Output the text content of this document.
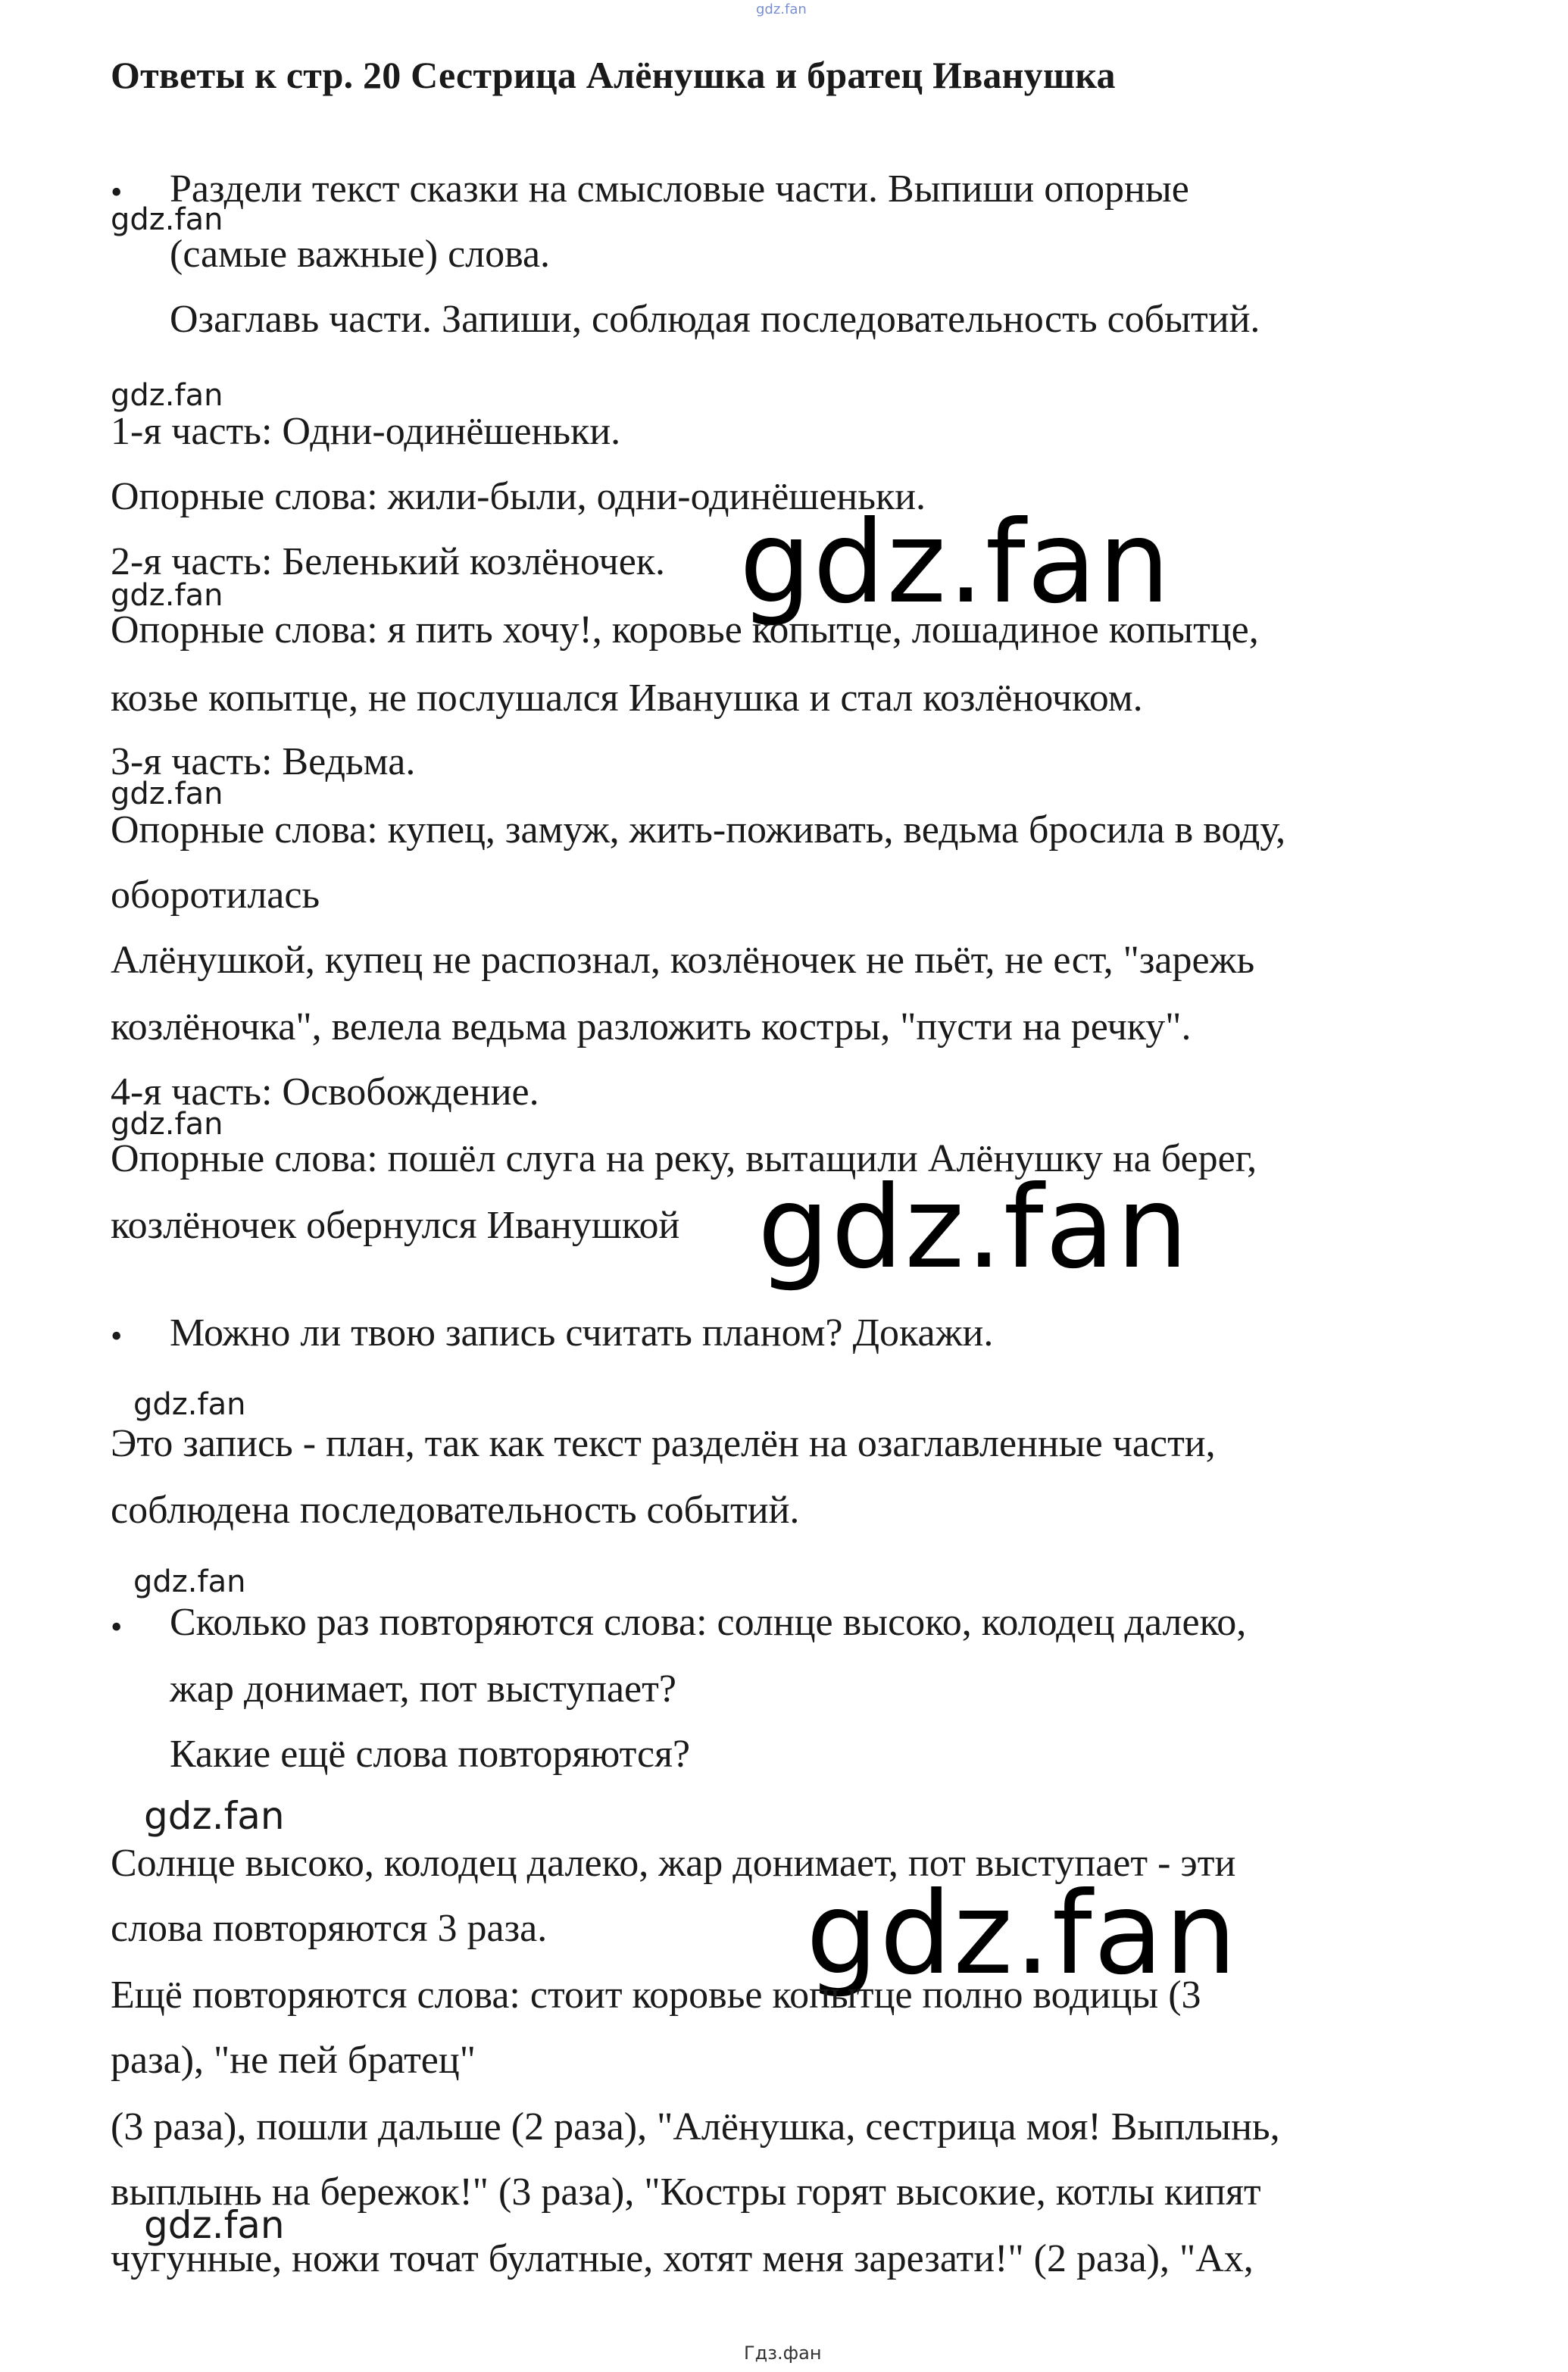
gdz.fan
Ответы к стр. 20 Сестрица Алёнушка и братец Иванушка
• Раздели текст сказки на смысловые части. Выпиши опорные
gdz.fan
(самые важные) слова.
Озаглавь части. Запиши, соблюдая последовательность событий.
gdz.fan
1-я часть: Одни-одинёшеньки.
Опорные слова: жили-были, одни-одинёшеньки.
2-я часть: Беленький козлёночек. gdz.fan
gdz.fan
Опорные слова: я пить хочу!, коровье копытце, лошадиное копытце,
козье копытце, не послушался Иванушка и стал козлёночком.
3-я часть: Ведьма.
gdz.fan
Опорные слова: купец, замуж, жить-поживать, ведьма бросила в воду,
оборотилась
Алёнушкой, купец не распознал, козлёночек не пьёт, не ест, "зарежь
козлёночка", велела ведьма разложить костры, "пусти на речку".
4-я часть: Освобождение.
gdz.fan
Опорные слова: пошёл слуга на реку, вытащили Алёнушку на берег,
козлёночек обернулся Иванушкой gdz.fan
• Можно ли твою запись считать планом? Докажи.
gdz.fan
Это запись - план, так как текст разделён на озаглавленные части,
соблюдена последовательность событий.
gdz.fan
• Сколько раз повторяются слова: солнце высоко, колодец далеко,
жар донимает, пот выступает?
Какие ещё слова повторяются?
gdz.fan
Солнце высоко, колодец далеко, жар донимает, пот выступает - эти
слова повторяются 3 раза. gdz.fan
Ещё повторяются слова: стоит коровье копытце полно водицы (3
раза), "не пей братец"
(3 раза), пошли дальше (2 раза), "Алёнушка, сестрица моя! Выплынь,
выплынь на бережок!" (3 раза), "Костры горят высокие, котлы кипят
gdz.fan
чугунные, ножи точат булатные, хотят меня зарезати!" (2 раза), "Ах,
Гдз.фан
